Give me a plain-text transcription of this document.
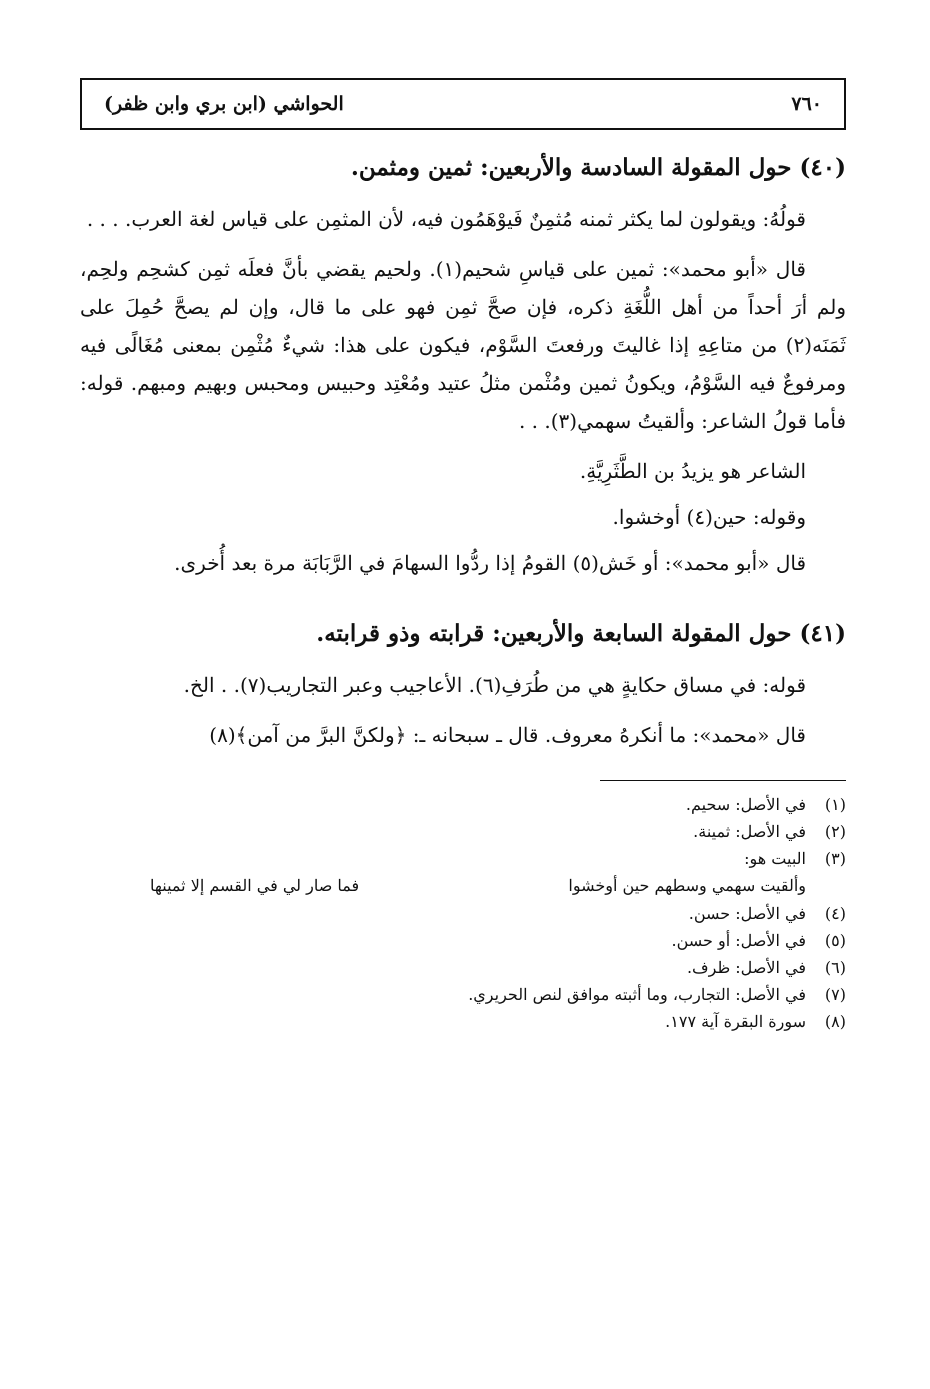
٧٦٠
الحواشي (ابن بري وابن ظفر)
(٤٠) حول المقولة السادسة والأربعين: ثمين ومثمن.

قولُهُ: ويقولون لما يكثر ثمنه مُثمِنٌ فَيوْهَمُون فيه، لأن المثمِن على قياس لغة العرب. . . .

قال «أبو محمد»: ثمين على قياسِ شحيم(١). ولحيم يقضي بأنَّ فعلَه ثمِن كشحِم ولحِم، ولم أرَ أحداً من أهل اللُّغَةِ ذكره، فإن صحَّ ثمِن فهو على ما قال، وإن لم يصحَّ حُمِلَ على ثَمَنَه(٢) من متاعِهِ إذا غاليتَ ورفعتَ السَّوْم، فيكون على هذا: شيءٌ مُثْمِن بمعنى مُغَالًى فيه ومرفوعٌ فيه السَّوْمُ، ويكونُ ثمين ومُثْمن مثلُ عتيد ومُعْتِد وحبيس ومحبس وبهيم ومبهم. قوله: فأما قولُ الشاعر: وألقيتُ سهمي(٣). . .

الشاعر هو يزيدُ بن الطَّثَرِيَّةِ.

وقوله: حين(٤) أوخشوا.

قال «أبو محمد»: أو خَش(٥) القومُ إذا ردُّوا السهامَ في الرَّبَابَة مرة بعد أُخرى.

(٤١) حول المقولة السابعة والأربعين: قرابته وذو قرابته.

قوله: في مساق حكايةٍ هي من طُرَفِ(٦). الأعاجيب وعبر التجاريب(٧). . الخ.

قال «محمد»: ما أنكرهُ معروف. قال ـ سبحانه ـ: ﴿ولكنَّ البرَّ من آمن﴾(٨)

(١)
في الأصل: سحيم.
(٢)
في الأصل: ثمينة.
(٣)
البيت هو:
وألقيت سهمي وسطهم حين أوخشوا
فما صار لي في القسم إلا ثمينها
(٤)
في الأصل: حسن.
(٥)
في الأصل: أو حسن.
(٦)
في الأصل: ظرف.
(٧)
في الأصل: التجارب، وما أثبته موافق لنص الحريري.
(٨)
سورة البقرة آية ١٧٧.
